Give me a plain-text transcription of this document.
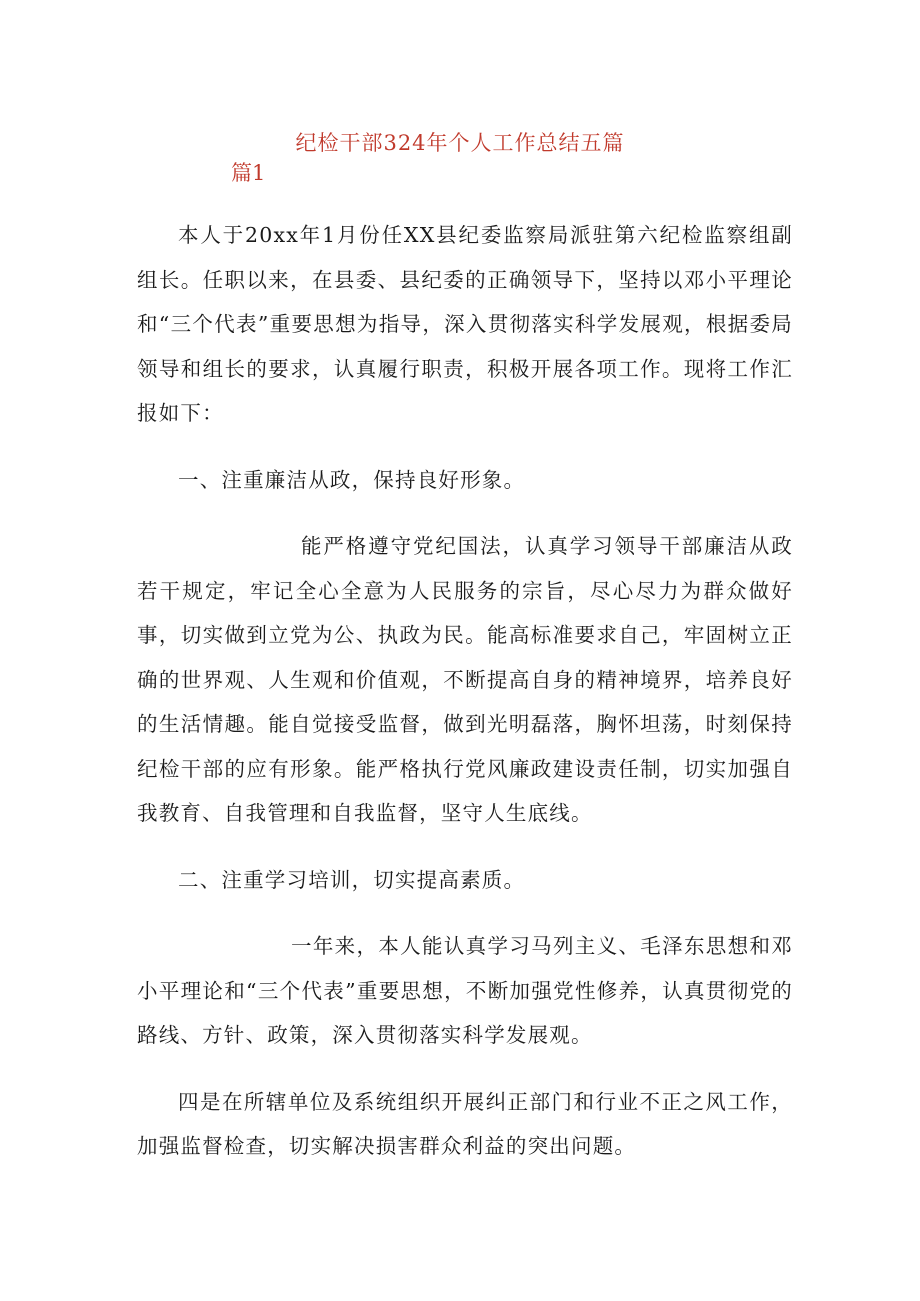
纪检干部324年个人工作总结五篇
篇1

本人于20xx年1月份任XX县纪委监察局派驻第六纪检监察组副组长。任职以来，在县委、县纪委的正确领导下，坚持以邓小平理论和“三个代表”重要思想为指导，深入贯彻落实科学发展观，根据委局领导和组长的要求，认真履行职责，积极开展各项工作。现将工作汇报如下：

一、注重廉洁从政，保持良好形象。

能严格遵守党纪国法，认真学习领导干部廉洁从政若干规定，牢记全心全意为人民服务的宗旨，尽心尽力为群众做好事，切实做到立党为公、执政为民。能高标准要求自己，牢固树立正确的世界观、人生观和价值观，不断提高自身的精神境界，培养良好的生活情趣。能自觉接受监督，做到光明磊落，胸怀坦荡，时刻保持纪检干部的应有形象。能严格执行党风廉政建设责任制，切实加强自我教育、自我管理和自我监督，坚守人生底线。

二、注重学习培训，切实提高素质。

一年来，本人能认真学习马列主义、毛泽东思想和邓小平理论和“三个代表”重要思想，不断加强党性修养，认真贯彻党的路线、方针、政策，深入贯彻落实科学发展观。

四是在所辖单位及系统组织开展纠正部门和行业不正之风工作，加强监督检查，切实解决损害群众利益的突出问题。
